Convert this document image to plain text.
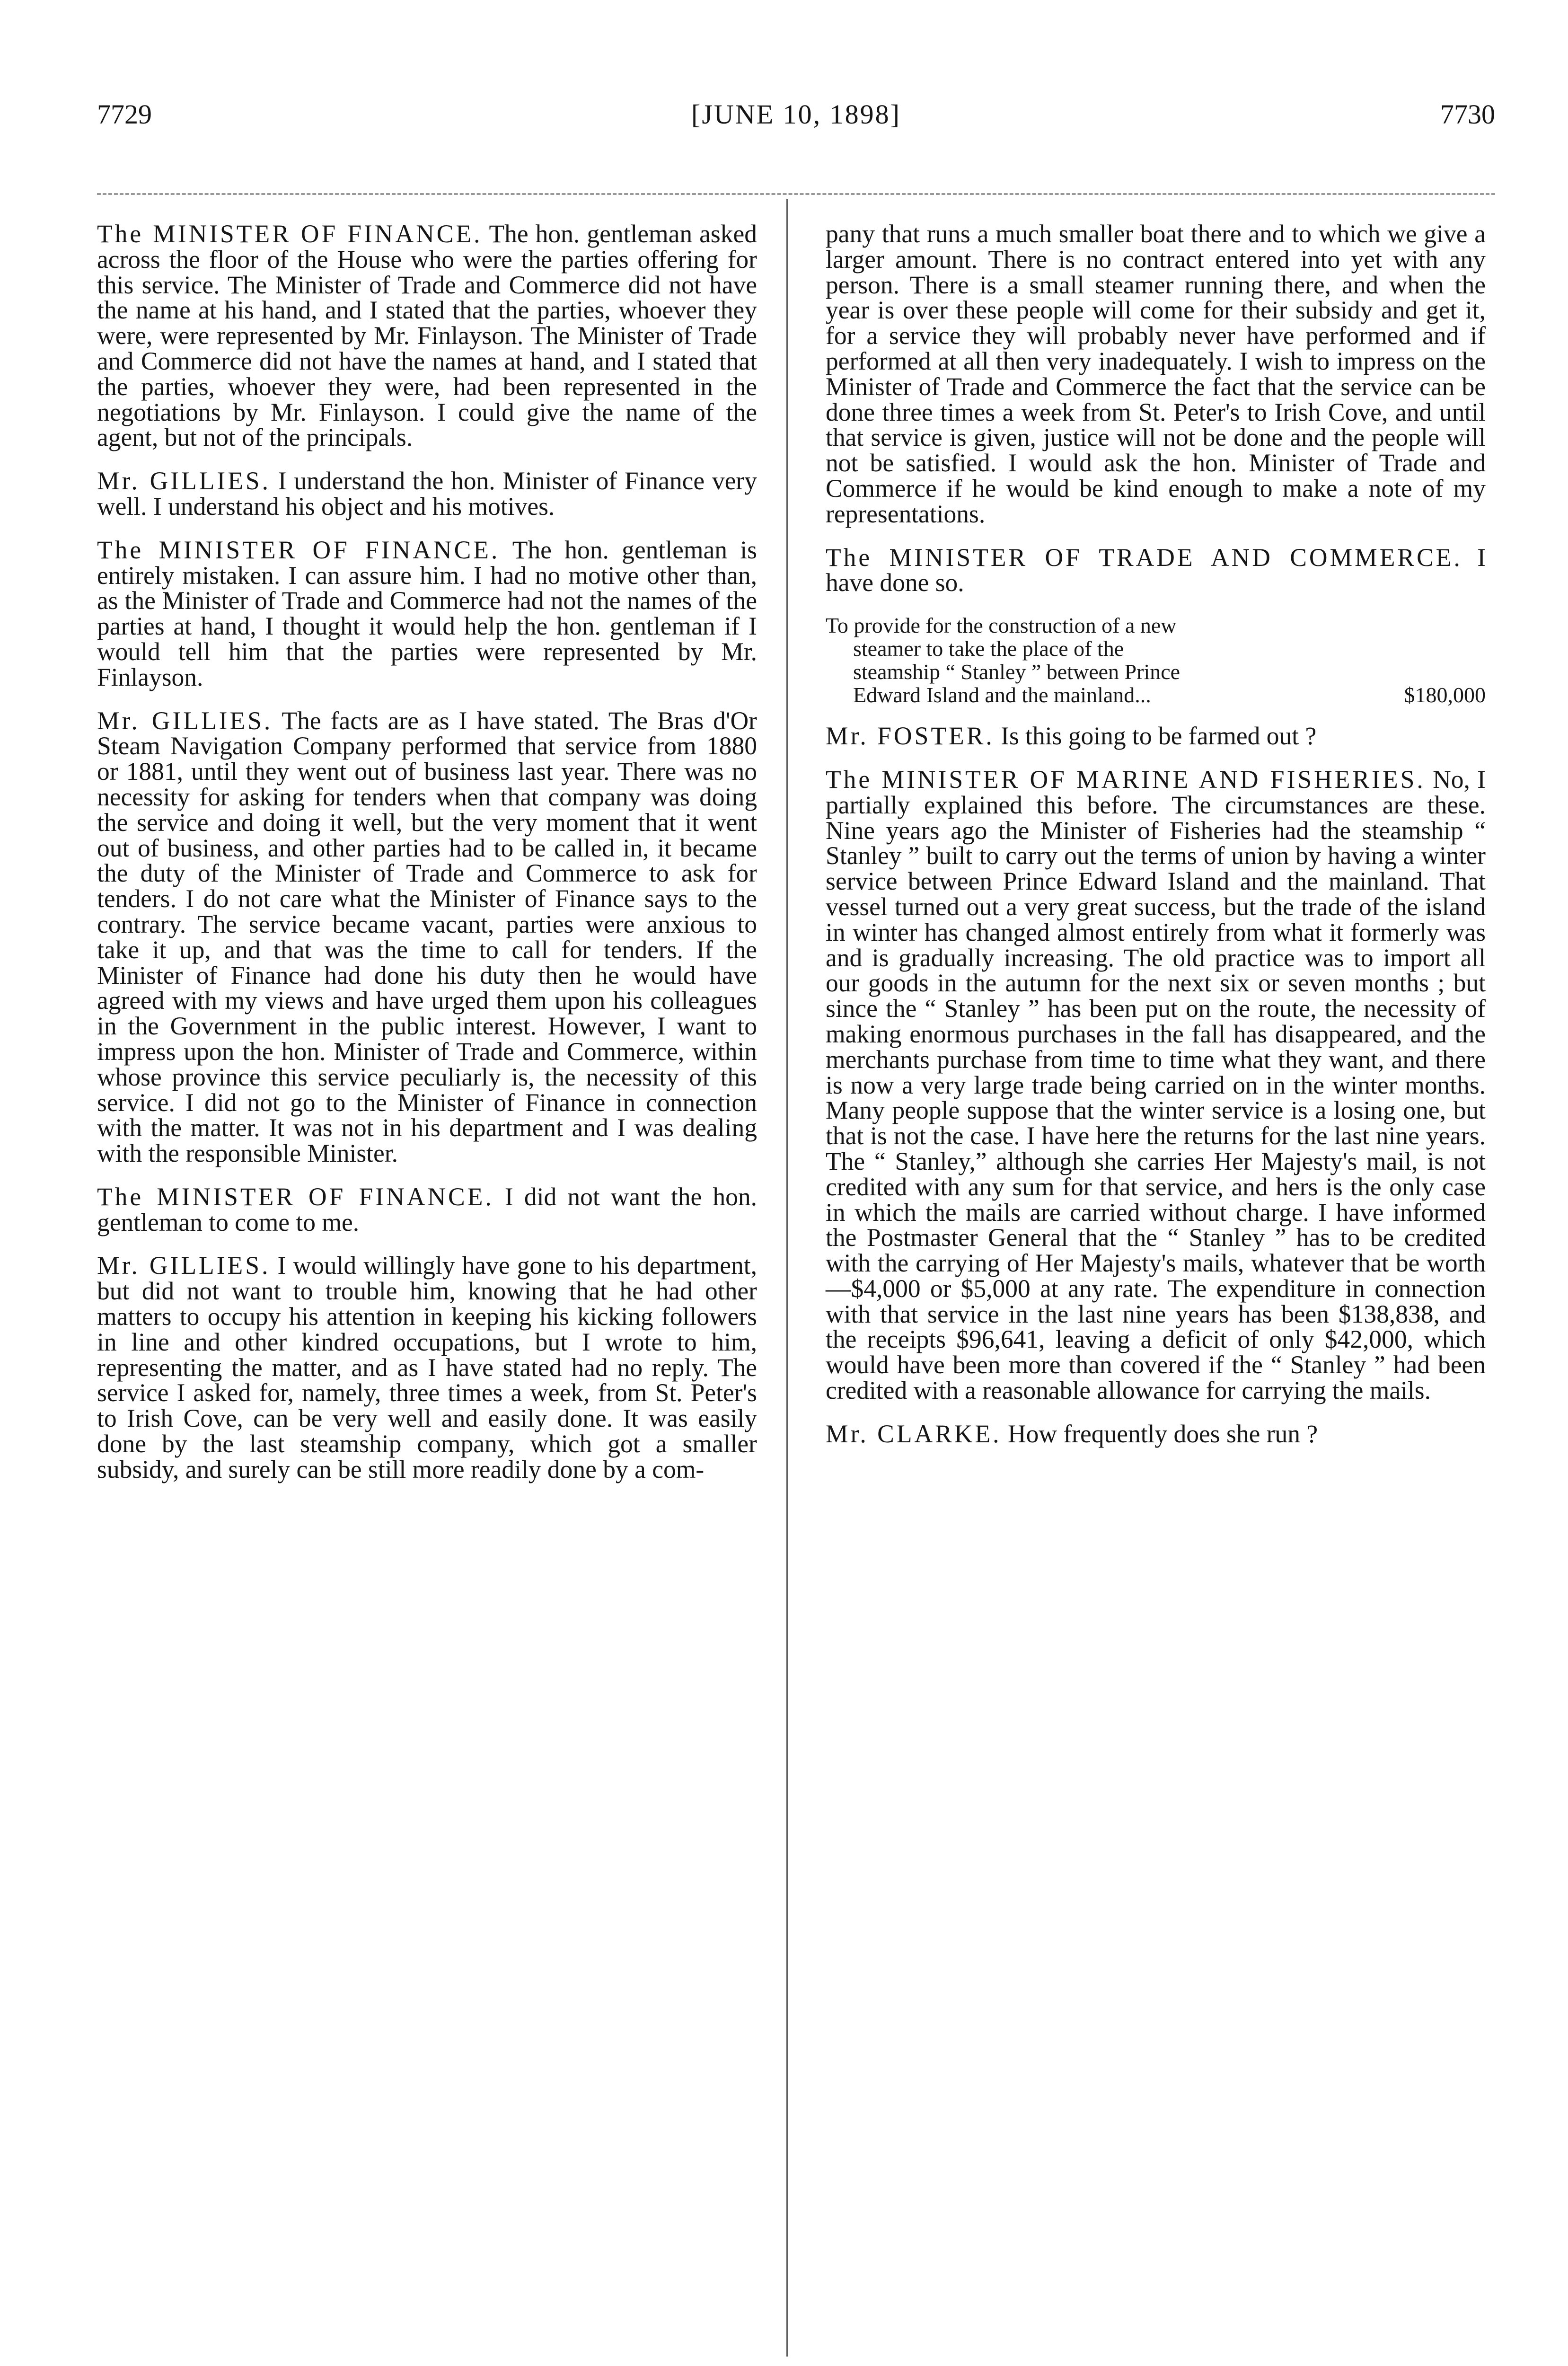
7729	[JUNE 10, 1898]	7730

The MINISTER OF FINANCE. The hon. gentleman asked across the floor of the House who were the parties offering for this service. The Minister of Trade and Commerce did not have the name at his hand, and I stated that the parties, whoever they were, were represented by Mr. Finlayson. The Minister of Trade and Commerce did not have the names at hand, and I stated that the parties, whoever they were, had been represented in the negotiations by Mr. Finlayson. I could give the name of the agent, but not of the principals.

Mr. GILLIES. I understand the hon. Minister of Finance very well. I understand his object and his motives.

The MINISTER OF FINANCE. The hon. gentleman is entirely mistaken. I can assure him. I had no motive other than, as the Minister of Trade and Commerce had not the names of the parties at hand, I thought it would help the hon. gentleman if I would tell him that the parties were represented by Mr. Finlayson.

Mr. GILLIES. The facts are as I have stated. The Bras d'Or Steam Navigation Company performed that service from 1880 or 1881, until they went out of business last year. There was no necessity for asking for tenders when that company was doing the service and doing it well, but the very moment that it went out of business, and other parties had to be called in, it became the duty of the Minister of Trade and Commerce to ask for tenders. I do not care what the Minister of Finance says to the contrary. The service became vacant, parties were anxious to take it up, and that was the time to call for tenders. If the Minister of Finance had done his duty then he would have agreed with my views and have urged them upon his colleagues in the Government in the public interest. However, I want to impress upon the hon. Minister of Trade and Commerce, within whose province this service peculiarly is, the necessity of this service. I did not go to the Minister of Finance in connection with the matter. It was not in his department and I was dealing with the responsible Minister.

The MINISTER OF FINANCE. I did not want the hon. gentleman to come to me.

Mr. GILLIES. I would willingly have gone to his department, but did not want to trouble him, knowing that he had other matters to occupy his attention in keeping his kicking followers in line and other kindred occupations, but I wrote to him, representing the matter, and as I have stated had no reply. The service I asked for, namely, three times a week, from St. Peter's to Irish Cove, can be very well and easily done. It was easily done by the last steamship company, which got a smaller subsidy, and surely can be still more readily done by a com-

pany that runs a much smaller boat there and to which we give a larger amount. There is no contract entered into yet with any person. There is a small steamer running there, and when the year is over these people will come for their subsidy and get it, for a service they will probably never have performed and if performed at all then very inadequately. I wish to impress on the Minister of Trade and Commerce the fact that the service can be done three times a week from St. Peter's to Irish Cove, and until that service is given, justice will not be done and the people will not be satisfied. I would ask the hon. Minister of Trade and Commerce if he would be kind enough to make a note of my representations.

The MINISTER OF TRADE AND COMMERCE. I have done so.

To provide for the construction of a new
steamer to take the place of the
steamship “ Stanley ” between Prince
Edward Island and the mainland...	$180,000

Mr. FOSTER. Is this going to be farmed out ?

The MINISTER OF MARINE AND FISHERIES. No, I partially explained this before. The circumstances are these. Nine years ago the Minister of Fisheries had the steamship “ Stanley ” built to carry out the terms of union by having a winter service between Prince Edward Island and the mainland. That vessel turned out a very great success, but the trade of the island in winter has changed almost entirely from what it formerly was and is gradually increasing. The old practice was to import all our goods in the autumn for the next six or seven months ; but since the “ Stanley ” has been put on the route, the necessity of making enormous purchases in the fall has disappeared, and the merchants purchase from time to time what they want, and there is now a very large trade being carried on in the winter months. Many people suppose that the winter service is a losing one, but that is not the case. I have here the returns for the last nine years. The “ Stanley,” although she carries Her Majesty's mail, is not credited with any sum for that service, and hers is the only case in which the mails are carried without charge. I have informed the Postmaster General that the “ Stanley ” has to be credited with the carrying of Her Majesty's mails, whatever that be worth—$4,000 or $5,000 at any rate. The expenditure in connection with that service in the last nine years has been $138,838, and the receipts $96,641, leaving a deficit of only $42,000, which would have been more than covered if the “ Stanley ” had been credited with a reasonable allowance for carrying the mails.

Mr. CLARKE. How frequently does she run ?
